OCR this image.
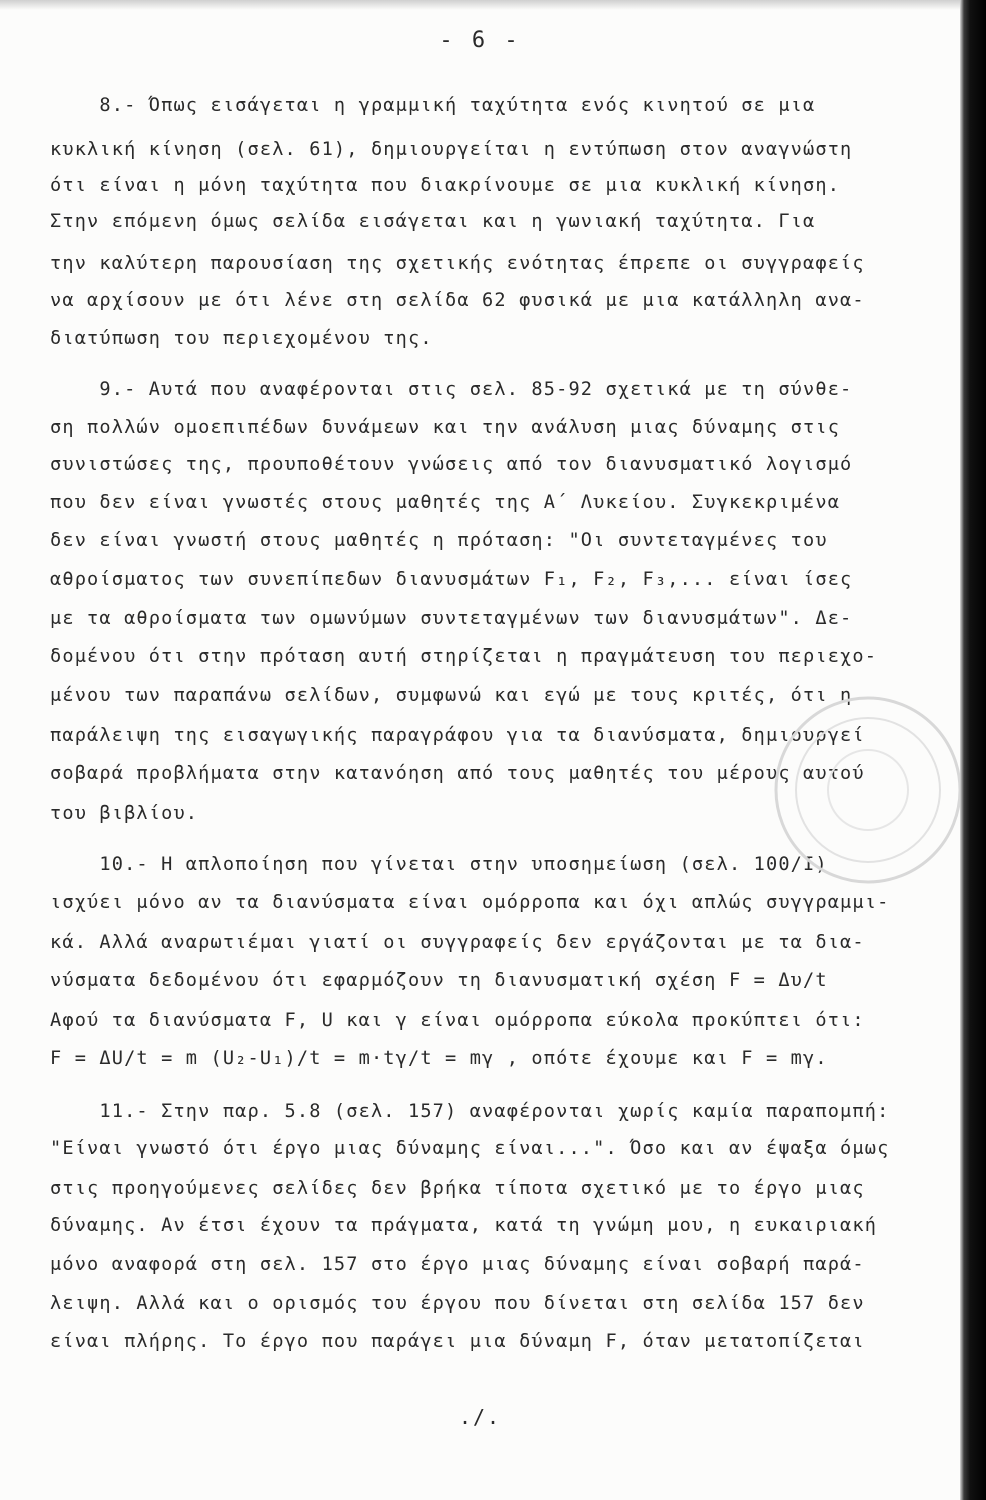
- 6 -
8.- Όπως εισάγεται η γραμμική ταχύτητα ενός κινητού σε μια
κυκλική κίνηση (σελ. 61), δημιουργείται η εντύπωση στον αναγνώστη
ότι είναι η μόνη ταχύτητα που διακρίνουμε σε μια κυκλική κίνηση.
Στην επόμενη όμως σελίδα εισάγεται και η γωνιακή ταχύτητα. Για
την καλύτερη παρουσίαση της σχετικής ενότητας έπρεπε οι συγγραφείς
να αρχίσουν με ότι λένε στη σελίδα 62 φυσικά με μια κατάλληλη ανα-
διατύπωση του περιεχομένου της.
9.- Αυτά που αναφέρονται στις σελ. 85-92 σχετικά με τη σύνθε-
ση πολλών ομοεπιπέδων δυνάμεων και την ανάλυση μιας δύναμης στις
συνιστώσες της, προυποθέτουν γνώσεις από τον διανυσματικό λογισμό
που δεν είναι γνωστές στους μαθητές της Α΄ Λυκείου. Συγκεκριμένα
δεν είναι γνωστή στους μαθητές η πρόταση: "Οι συντεταγμένες του
αθροίσματος των συνεπίπεδων διανυσμάτων F₁, F₂, F₃,... είναι ίσες
με τα αθροίσματα των ομωνύμων συντεταγμένων των διανυσμάτων". Δε-
δομένου ότι στην πρόταση αυτή στηρίζεται η πραγμάτευση του περιεχο-
μένου των παραπάνω σελίδων, συμφωνώ και εγώ με τους κριτές, ότι η
παράλειψη της εισαγωγικής παραγράφου για τα διανύσματα, δημιουργεί
σοβαρά προβλήματα στην κατανόηση από τους μαθητές του μέρους αυτού
του βιβλίου.
10.- Η απλοποίηση που γίνεται στην υποσημείωση (σελ. 100/I)
ισχύει μόνο αν τα διανύσματα είναι ομόρροπα και όχι απλώς συγγραμμι-
κά. Αλλά αναρωτιέμαι γιατί οι συγγραφείς δεν εργάζονται με τα δια-
νύσματα δεδομένου ότι εφαρμόζουν τη διανυσματική σχέση F = Δυ/t
Αφού τα διανύσματα F, U και γ είναι ομόρροπα εύκολα προκύπτει ότι:
F = ΔU/t = m (U₂-U₁)/t = m·tγ/t = mγ , οπότε έχουμε και F = mγ.
11.- Στην παρ. 5.8 (σελ. 157) αναφέρονται χωρίς καμία παραπομπή:
"Είναι γνωστό ότι έργο μιας δύναμης είναι...". Όσο και αν έψαξα όμως
στις προηγούμενες σελίδες δεν βρήκα τίποτα σχετικό με το έργο μιας
δύναμης. Αν έτσι έχουν τα πράγματα, κατά τη γνώμη μου, η ευκαιριακή
μόνο αναφορά στη σελ. 157 στο έργο μιας δύναμης είναι σοβαρή παρά-
λειψη. Αλλά και ο ορισμός του έργου που δίνεται στη σελίδα 157 δεν
είναι πλήρης. Το έργο που παράγει μια δύναμη F, όταν μετατοπίζεται
./.
